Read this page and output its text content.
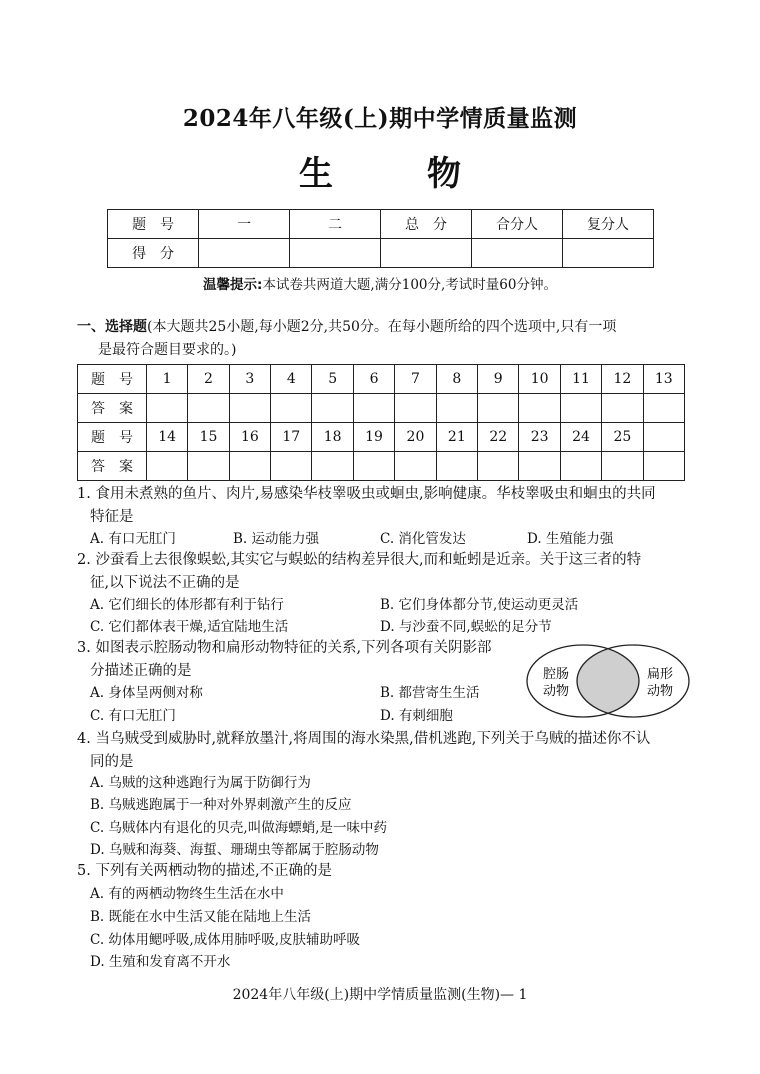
2024年八年级(上)期中学情质量监测
生　物
题　号	一	二	总　分	合分人	复分人
得　分					
温馨提示:本试卷共两道大题,满分100分,考试时量60分钟。
一、选择题(本大题共25小题,每小题2分,共50分。在每小题所给的四个选项中,只有一项
是最符合题目要求的。)
题　号	1	2	3	4	5	6	7	8	9	10	11	12	13
答　案													
题　号	14	15	16	17	18	19	20	21	22	23	24	25	
答　案													
1. 食用未煮熟的鱼片、肉片,易感染华枝睾吸虫或蛔虫,影响健康。华枝睾吸虫和蛔虫的共同
特征是
A. 有口无肛门	B. 运动能力强	C. 消化管发达	D. 生殖能力强
2. 沙蚕看上去很像蜈蚣,其实它与蜈蚣的结构差异很大,而和蚯蚓是近亲。关于这三者的特
征,以下说法不正确的是
A. 它们细长的体形都有利于钻行	B. 它们身体都分节,使运动更灵活
C. 它们都体表干燥,适宜陆地生活	D. 与沙蚕不同,蜈蚣的足分节
3. 如图表示腔肠动物和扁形动物特征的关系,下列各项有关阴影部
分描述正确的是
A. 身体呈两侧对称	B. 都营寄生生活
C. 有口无肛门	D. 有刺细胞
腔肠
动物
扁形
动物
4. 当乌贼受到威胁时,就释放墨汁,将周围的海水染黑,借机逃跑,下列关于乌贼的描述你不认
同的是
A. 乌贼的这种逃跑行为属于防御行为
B. 乌贼逃跑属于一种对外界刺激产生的反应
C. 乌贼体内有退化的贝壳,叫做海螵蛸,是一味中药
D. 乌贼和海葵、海蜇、珊瑚虫等都属于腔肠动物
5. 下列有关两栖动物的描述,不正确的是
A. 有的两栖动物终生生活在水中
B. 既能在水中生活又能在陆地上生活
C. 幼体用鳃呼吸,成体用肺呼吸,皮肤辅助呼吸
D. 生殖和发育离不开水
2024年八年级(上)期中学情质量监测(生物)— 1
